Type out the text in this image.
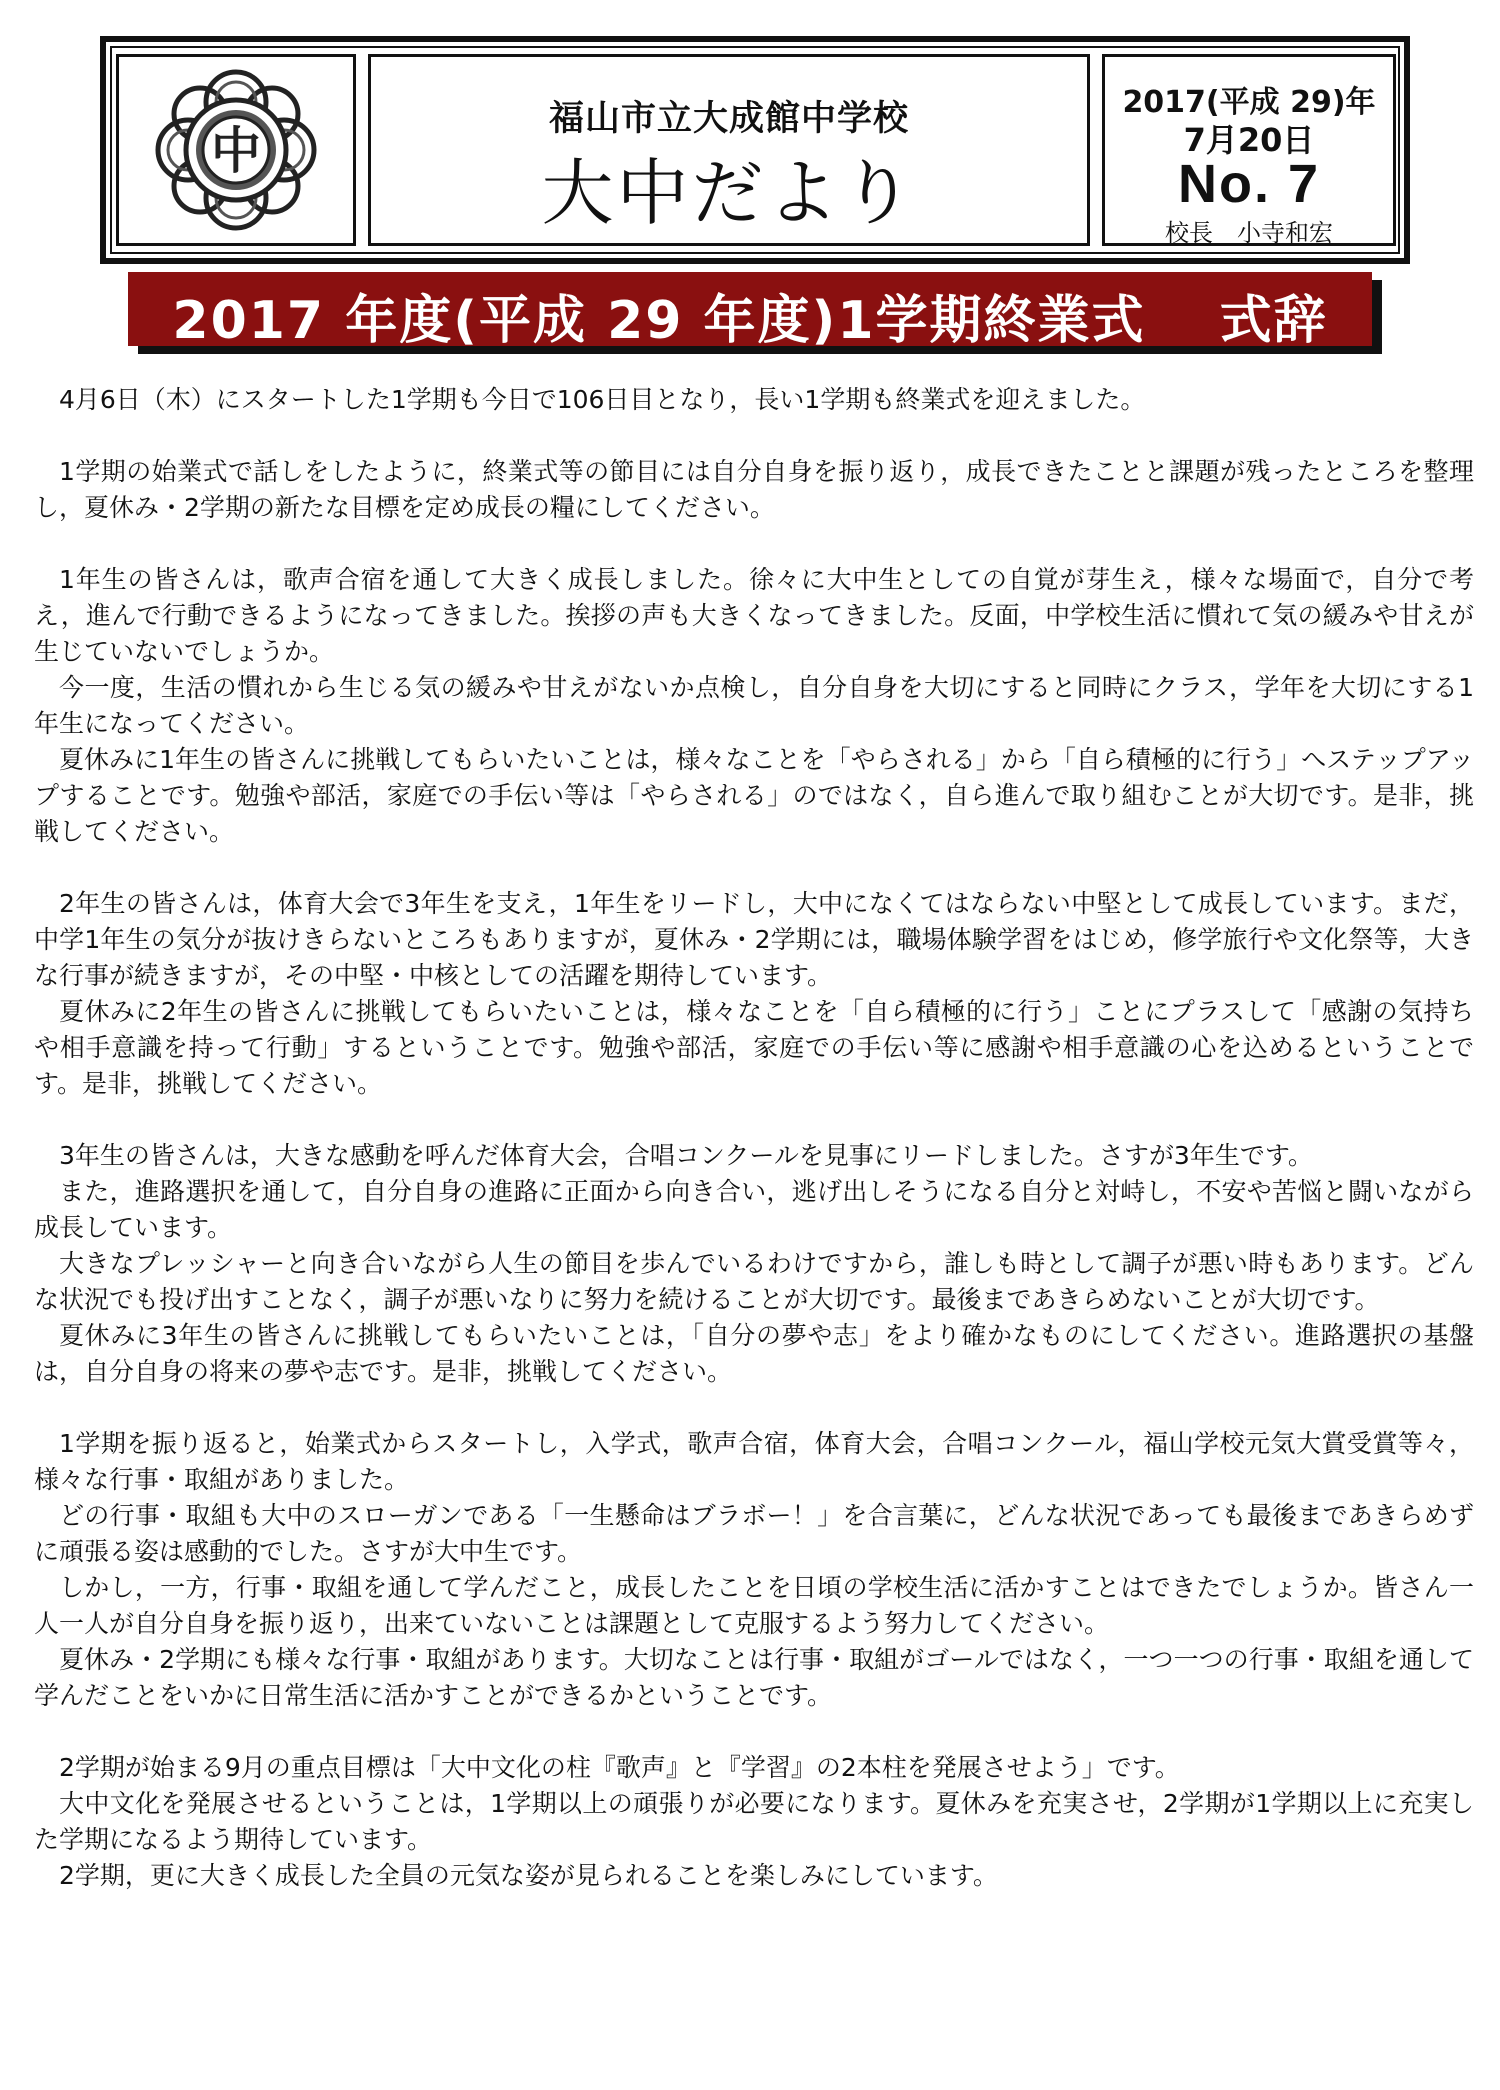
中
福山市立大成館中学校
大中だより
2017(平成 29)年
7月20日
No. 7
校長　小寺和宏
2017 年度(平成 29 年度)1学期終業式　 式辞

4月6日（木）にスタートした1学期も今日で106日目となり，長い1学期も終業式を迎えました。

1学期の始業式で話しをしたように，終業式等の節目には自分自身を振り返り，成長できたことと課題が残ったところを整理し，夏休み・2学期の新たな目標を定め成長の糧にしてください。

1年生の皆さんは，歌声合宿を通して大きく成長しました。徐々に大中生としての自覚が芽生え，様々な場面で，自分で考え，進んで行動できるようになってきました。挨拶の声も大きくなってきました。反面，中学校生活に慣れて気の緩みや甘えが生じていないでしょうか。

今一度，生活の慣れから生じる気の緩みや甘えがないか点検し，自分自身を大切にすると同時にクラス，学年を大切にする1年生になってください。

夏休みに1年生の皆さんに挑戦してもらいたいことは，様々なことを「やらされる」から「自ら積極的に行う」へステップアップすることです。勉強や部活，家庭での手伝い等は「やらされる」のではなく，自ら進んで取り組むことが大切です。是非，挑戦してください。

2年生の皆さんは，体育大会で3年生を支え，1年生をリードし，大中になくてはならない中堅として成長しています。まだ，中学1年生の気分が抜けきらないところもありますが，夏休み・2学期には，職場体験学習をはじめ，修学旅行や文化祭等，大きな行事が続きますが，その中堅・中核としての活躍を期待しています。

夏休みに2年生の皆さんに挑戦してもらいたいことは，様々なことを「自ら積極的に行う」ことにプラスして「感謝の気持ちや相手意識を持って行動」するということです。勉強や部活，家庭での手伝い等に感謝や相手意識の心を込めるということです。是非，挑戦してください。

3年生の皆さんは，大きな感動を呼んだ体育大会，合唱コンクールを見事にリードしました。さすが3年生です。

また，進路選択を通して，自分自身の進路に正面から向き合い，逃げ出しそうになる自分と対峙し，不安や苦悩と闘いながら成長しています。

大きなプレッシャーと向き合いながら人生の節目を歩んでいるわけですから，誰しも時として調子が悪い時もあります。どんな状況でも投げ出すことなく，調子が悪いなりに努力を続けることが大切です。最後まであきらめないことが大切です。

夏休みに3年生の皆さんに挑戦してもらいたいことは，「自分の夢や志」をより確かなものにしてください。進路選択の基盤は，自分自身の将来の夢や志です。是非，挑戦してください。

1学期を振り返ると，始業式からスタートし，入学式，歌声合宿，体育大会，合唱コンクール，福山学校元気大賞受賞等々，様々な行事・取組がありました。

どの行事・取組も大中のスローガンである「一生懸命はブラボー！」を合言葉に，どんな状況であっても最後まであきらめずに頑張る姿は感動的でした。さすが大中生です。

しかし，一方，行事・取組を通して学んだこと，成長したことを日頃の学校生活に活かすことはできたでしょうか。皆さん一人一人が自分自身を振り返り，出来ていないことは課題として克服するよう努力してください。

夏休み・2学期にも様々な行事・取組があります。大切なことは行事・取組がゴールではなく，一つ一つの行事・取組を通して学んだことをいかに日常生活に活かすことができるかということです。

2学期が始まる9月の重点目標は「大中文化の柱『歌声』と『学習』の2本柱を発展させよう」です。

大中文化を発展させるということは，1学期以上の頑張りが必要になります。夏休みを充実させ，2学期が1学期以上に充実した学期になるよう期待しています。

2学期，更に大きく成長した全員の元気な姿が見られることを楽しみにしています。
